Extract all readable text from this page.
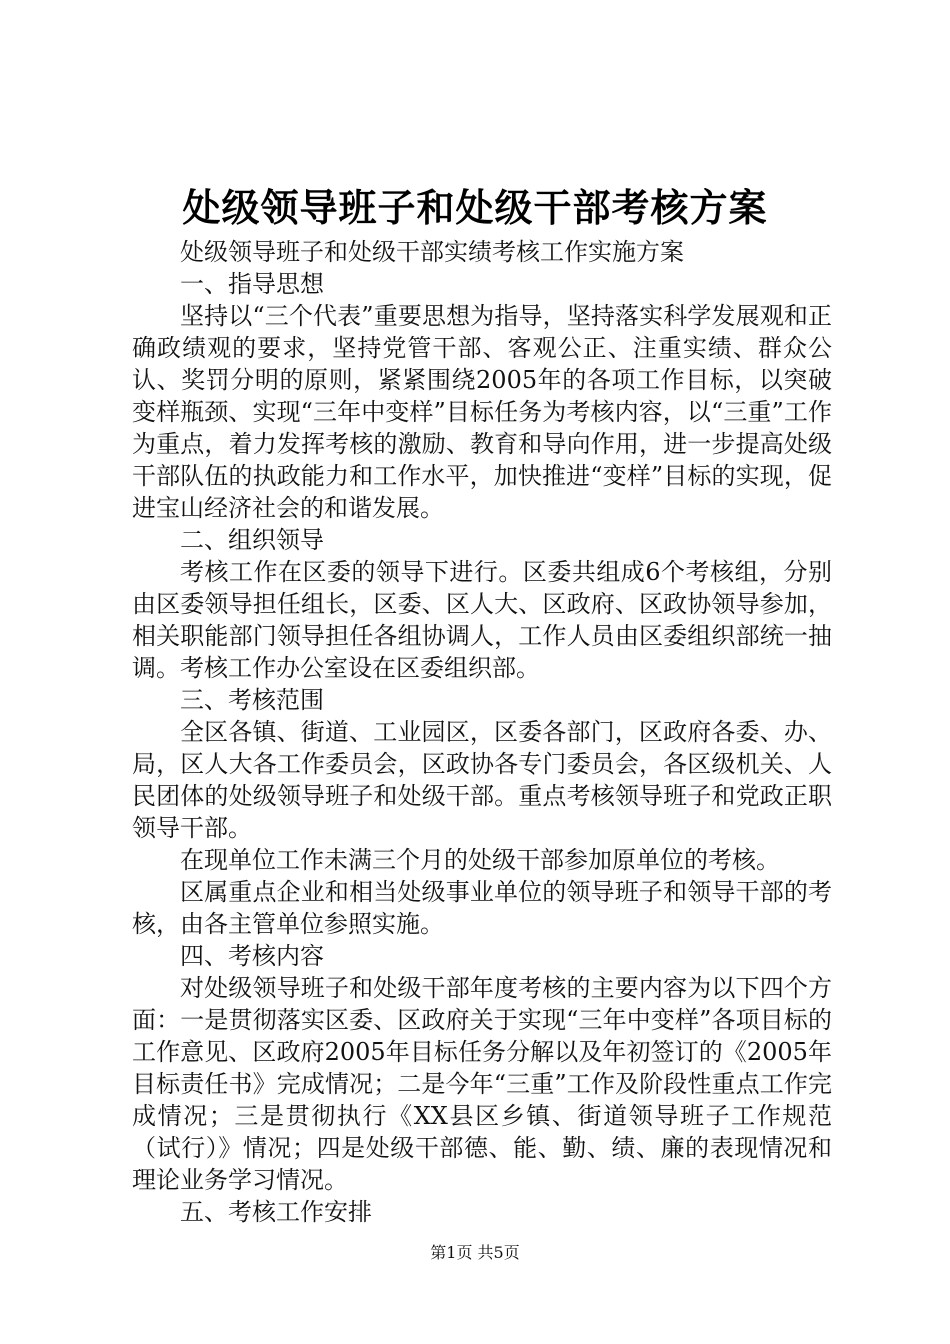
处级领导班子和处级干部考核方案

处级领导班子和处级干部实绩考核工作实施方案

一、指导思想

坚持以“三个代表”重要思想为指导，坚持落实科学发展观和正确政绩观的要求，坚持党管干部、客观公正、注重实绩、群众公认、奖罚分明的原则，紧紧围绕2005年的各项工作目标，以突破变样瓶颈、实现“三年中变样”目标任务为考核内容，以“三重”工作为重点，着力发挥考核的激励、教育和导向作用，进一步提高处级干部队伍的执政能力和工作水平，加快推进“变样”目标的实现，促进宝山经济社会的和谐发展。

二、组织领导

考核工作在区委的领导下进行。区委共组成6个考核组，分别由区委领导担任组长，区委、区人大、区政府、区政协领导参加，相关职能部门领导担任各组协调人，工作人员由区委组织部统一抽调。考核工作办公室设在区委组织部。

三、考核范围

全区各镇、街道、工业园区，区委各部门，区政府各委、办、局，区人大各工作委员会，区政协各专门委员会，各区级机关、人民团体的处级领导班子和处级干部。重点考核领导班子和党政正职领导干部。

在现单位工作未满三个月的处级干部参加原单位的考核。

区属重点企业和相当处级事业单位的领导班子和领导干部的考核，由各主管单位参照实施。

四、考核内容

对处级领导班子和处级干部年度考核的主要内容为以下四个方面：一是贯彻落实区委、区政府关于实现“三年中变样”各项目标的工作意见、区政府2005年目标任务分解以及年初签订的《2005年目标责任书》完成情况；二是今年“三重”工作及阶段性重点工作完成情况；三是贯彻执行《XX县区乡镇、街道领导班子工作规范（试行）》情况；四是处级干部德、能、勤、绩、廉的表现情况和理论业务学习情况。

五、考核工作安排

第1页 共5页
